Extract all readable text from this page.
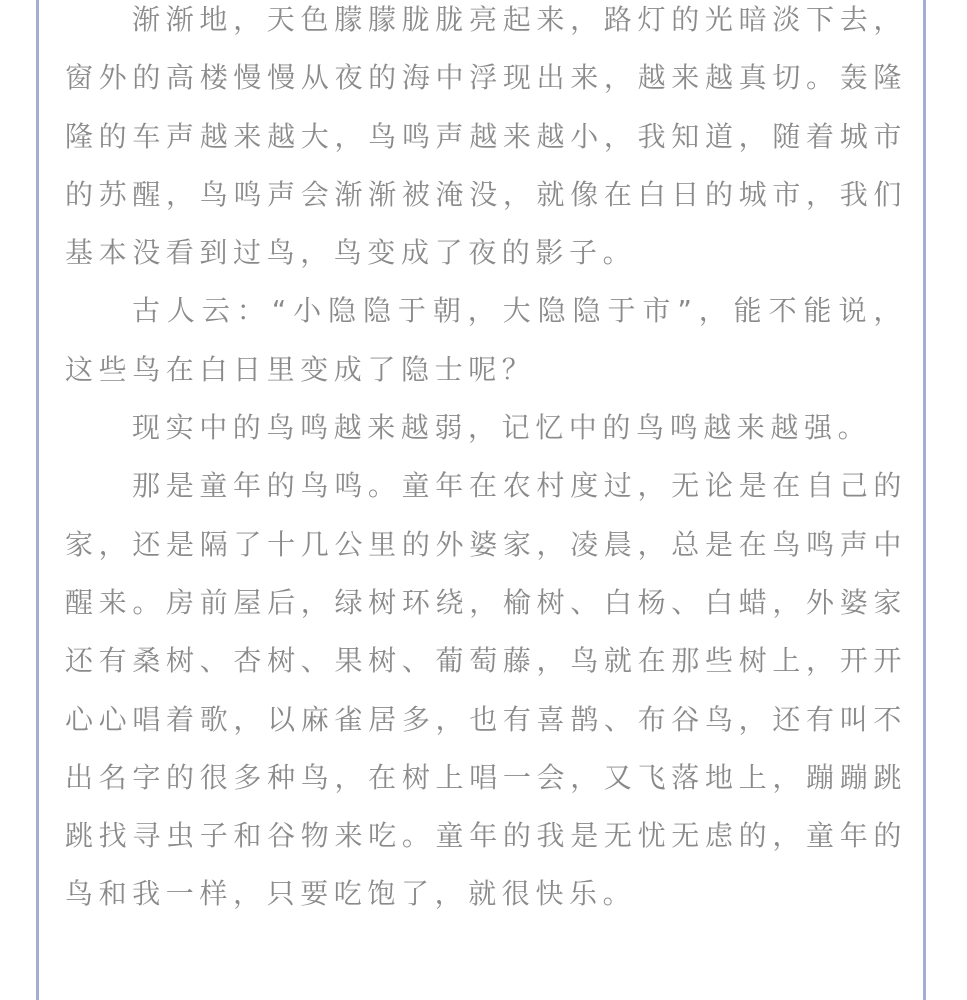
渐渐地，天色朦朦胧胧亮起来，路灯的光暗淡下去，窗外的高楼慢慢从夜的海中浮现出来，越来越真切。轰隆隆的车声越来越大，鸟鸣声越来越小，我知道，随着城市的苏醒，鸟鸣声会渐渐被淹没，就像在白日的城市，我们基本没看到过鸟，鸟变成了夜的影子。

古人云：“小隐隐于朝，大隐隐于市”，能不能说，这些鸟在白日里变成了隐士呢？

现实中的鸟鸣越来越弱，记忆中的鸟鸣越来越强。

那是童年的鸟鸣。童年在农村度过，无论是在自己的家，还是隔了十几公里的外婆家，凌晨，总是在鸟鸣声中醒来。房前屋后，绿树环绕，榆树、白杨、白蜡，外婆家还有桑树、杏树、果树、葡萄藤，鸟就在那些树上，开开心心唱着歌，以麻雀居多，也有喜鹊、布谷鸟，还有叫不出名字的很多种鸟，在树上唱一会，又飞落地上，蹦蹦跳跳找寻虫子和谷物来吃。童年的我是无忧无虑的，童年的鸟和我一样，只要吃饱了，就很快乐。
